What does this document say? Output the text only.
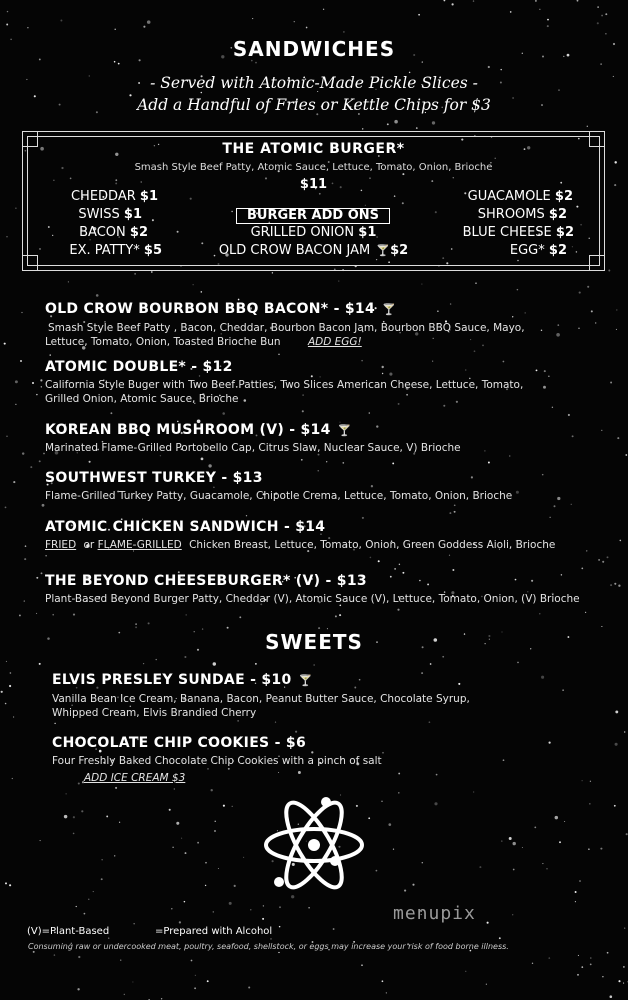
SANDWICHES
- Served with Atomic-Made Pickle Slices -
Add a Handful of Fries or Kettle Chips for $3
THE ATOMIC BURGER*
Smash Style Beef Patty, Atomic Sauce, Lettuce, Tomato, Onion, Brioche
$11
CHEDDAR $1
SWISS $1
BACON $2
EX. PATTY* $5
BURGER ADD ONS
GRILLED ONION $1
OLD CROW BACON JAM 🍸$2
GUACAMOLE $2
SHROOMS $2
BLUE CHEESE $2
EGG* $2
OLD CROW BOURBON BBQ BACON* - $14 🍸
Smash Style Beef Patty , Bacon, Cheddar, Bourbon Bacon Jam, Bourbon BBQ Sauce, Mayo,
Lettuce, Tomato, Onion, Toasted Brioche Bun	ADD EGG!
ATOMIC DOUBLE* - $12
California Style Buger with Two Beef Patties, Two Slices American Cheese, Lettuce, Tomato,
Grilled Onion, Atomic Sauce, Brioche
KOREAN BBQ MUSHROOM (V) - $14 🍸
Marinated Flame-Grilled Portobello Cap, Citrus Slaw, Nuclear Sauce, V) Brioche
SOUTHWEST TURKEY - $13
Flame-Grilled Turkey Patty, Guacamole, Chipotle Crema, Lettuce, Tomato, Onion, Brioche
ATOMIC CHICKEN SANDWICH - $14
FRIED or FLAME-GRILLED Chicken Breast, Lettuce, Tomato, Onion, Green Goddess Aioli, Brioche
THE BEYOND CHEESEBURGER* (V) - $13
Plant-Based Beyond Burger Patty, Cheddar (V), Atomic Sauce (V), Lettuce, Tomato, Onion, (V) Brioche
SWEETS
ELVIS PRESLEY SUNDAE - $10 🍸
Vanilla Bean Ice Cream, Banana, Bacon, Peanut Butter Sauce, Chocolate Syrup,
Whipped Cream, Elvis Brandied Cherry
CHOCOLATE CHIP COOKIES - $6
Four Freshly Baked Chocolate Chip Cookies with a pinch of salt
ADD ICE CREAM $3
(V)=Plant-Based	=Prepared with Alcohol
menupix
Consuming raw or undercooked meat, poultry, seafood, shellstock, or eggs may increase your risk of food borne illness.
